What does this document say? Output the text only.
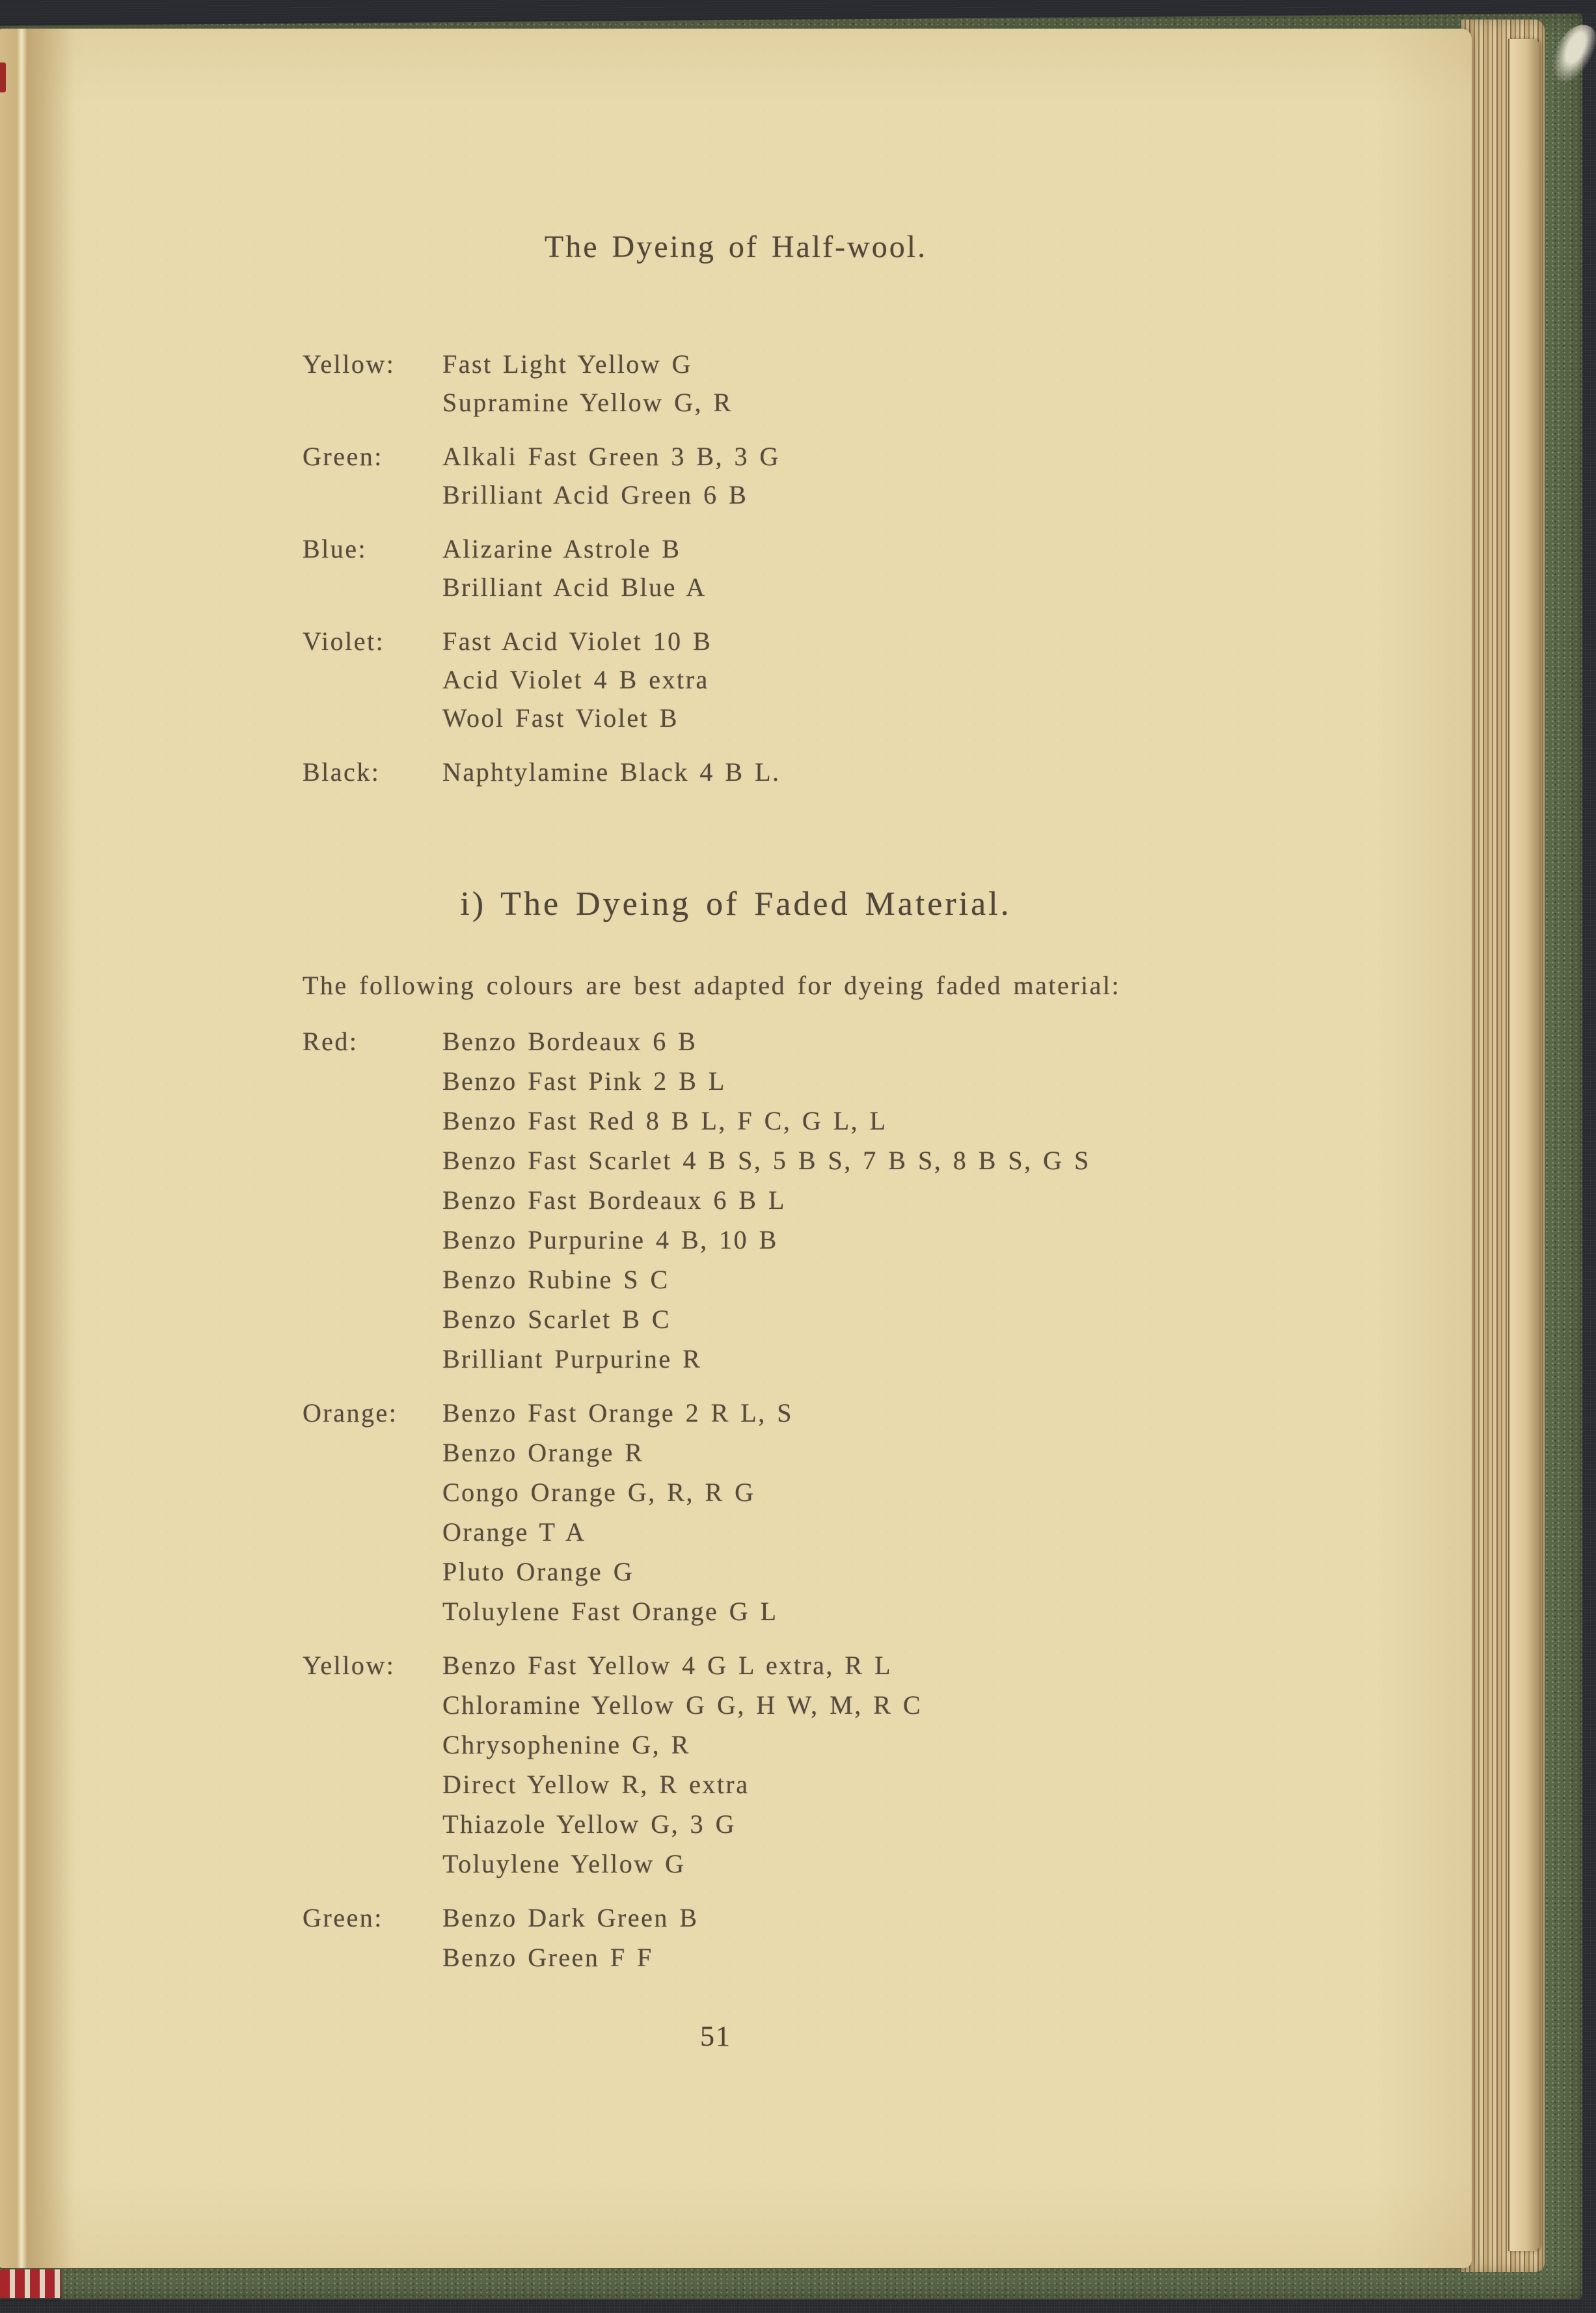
The Dyeing of Half-wool.
Yellow:	Fast Light Yellow G
Supramine Yellow G, R
Green:	Alkali Fast Green 3 B, 3 G
Brilliant Acid Green 6 B
Blue:	Alizarine Astrole B
Brilliant Acid Blue A
Violet:	Fast Acid Violet 10 B
Acid Violet 4 B extra
Wool Fast Violet B
Black:	Naphtylamine Black 4 B L.
i) The Dyeing of Faded Material.
The following colours are best adapted for dyeing faded material:
Red:	Benzo Bordeaux 6 B
Benzo Fast Pink 2 B L
Benzo Fast Red 8 B L, F C, G L, L
Benzo Fast Scarlet 4 B S, 5 B S, 7 B S, 8 B S, G S
Benzo Fast Bordeaux 6 B L
Benzo Purpurine 4 B, 10 B
Benzo Rubine S C
Benzo Scarlet B C
Brilliant Purpurine R
Orange:	Benzo Fast Orange 2 R L, S
Benzo Orange R
Congo Orange G, R, R G
Orange T A
Pluto Orange G
Toluylene Fast Orange G L
Yellow:	Benzo Fast Yellow 4 G L extra, R L
Chloramine Yellow G G, H W, M, R C
Chrysophenine G, R
Direct Yellow R, R extra
Thiazole Yellow G, 3 G
Toluylene Yellow G
Green:	Benzo Dark Green B
Benzo Green F F
51
